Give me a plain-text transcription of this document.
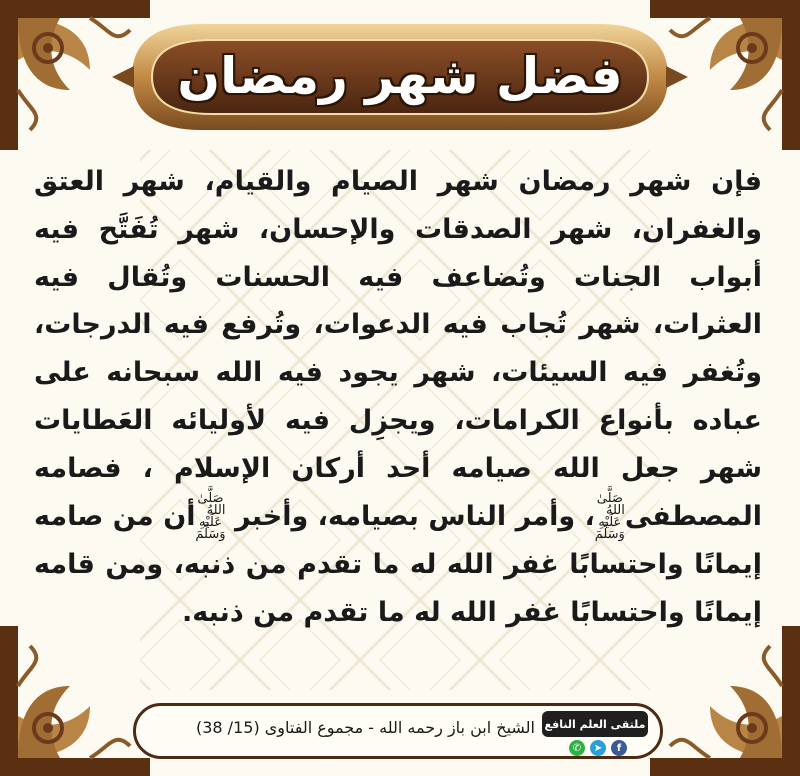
فضل شهر رمضان
فإن شهر رمضان شهر الصيام والقيام، شهر العتق والغفران، شهر الصدقات والإحسان، شهر تُفَتَّح فيه أبواب الجنات وتُضاعف فيه الحسنات وتُقال فيه العثرات، شهر تُجاب فيه الدعوات، وتُرفع فيه الدرجات، وتُغفر فيه السيئات، شهر يجود فيه الله سبحانه على عباده بأنواع الكرامات، ويجزِل فيه لأوليائه العَطايات شهر جعل الله صيامه أحد أركان الإسلام ، فصامه المصطفىصَلَّىٰ اللهُ
عَلَيْهِ وَسَلَّمَ، وأمر الناس بصيامه، وأخبر صَلَّىٰ اللهُ
عَلَيْهِ وَسَلَّمَأن من صامه إيمانًا واحتسابًا غفر الله له ما تقدم من ذنبه، ومن قامه إيمانًا واحتسابًا غفر الله له ما تقدم من ذنبه.
الشيخ ابن باز رحمه الله - مجموع الفتاوى (15/ 38) ملتقى العلم النافع
✆	➤	f
